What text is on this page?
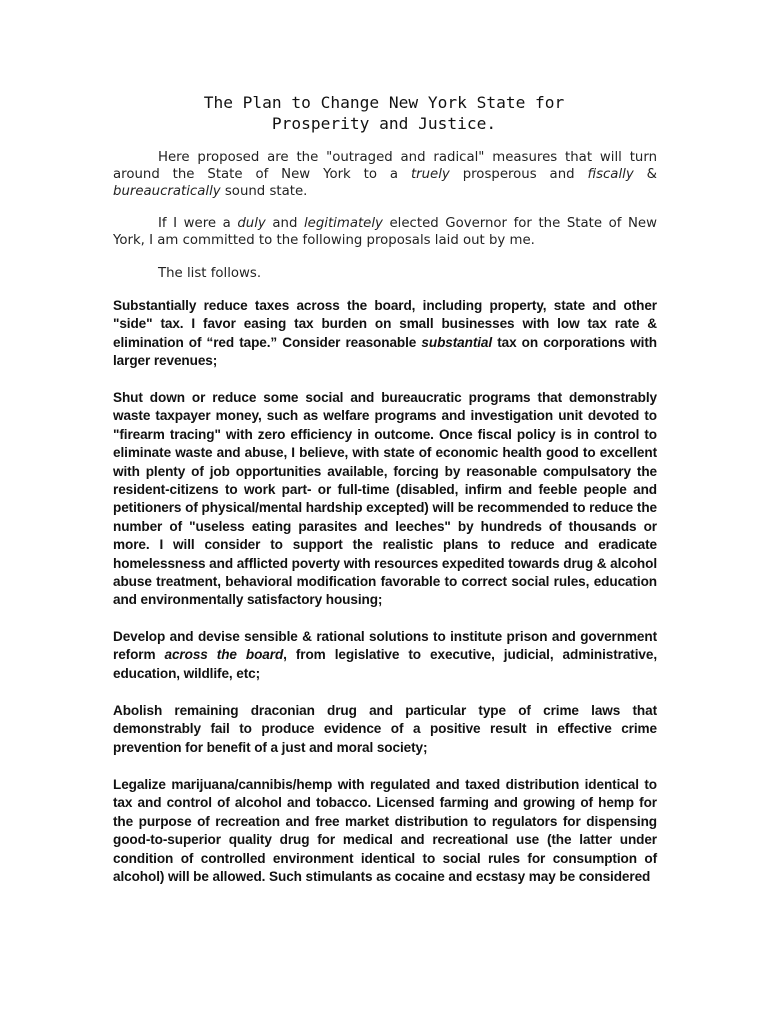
The Plan to Change New York State for
Prosperity and Justice.

Here proposed are the "outraged and radical" measures that will turn around the State of New York to a truely prosperous and fiscally & bureaucratically sound state.

If I were a duly and legitimately elected Governor for the State of New York, I am committed to the following proposals laid out by me.

The list follows.

Substantially reduce taxes across the board, including property, state and other "side" tax. I favor easing tax burden on small businesses with low tax rate & elimination of “red tape.” Consider reasonable substantial tax on corporations with larger revenues;

Shut down or reduce some social and bureaucratic programs that demonstrably waste taxpayer money, such as welfare programs and investigation unit devoted to "firearm tracing" with zero efficiency in outcome. Once fiscal policy is in control to eliminate waste and abuse, I believe, with state of economic health good to excellent with plenty of job opportunities available, forcing by reasonable compulsatory the resident-citizens to work part- or full-time (disabled, infirm and feeble people and petitioners of physical/mental hardship excepted) will be recommended to reduce the number of "useless eating parasites and leeches" by hundreds of thousands or more. I will consider to support the realistic plans to reduce and eradicate homelessness and afflicted poverty with resources expedited towards drug & alcohol abuse treatment, behavioral modification favorable to correct social rules, education and environmentally satisfactory housing;

Develop and devise sensible & rational solutions to institute prison and government reform across the board, from legislative to executive, judicial, administrative, education, wildlife, etc;

Abolish remaining draconian drug and particular type of crime laws that demonstrably fail to produce evidence of a positive result in effective crime prevention for benefit of a just and moral society;

Legalize marijuana/cannibis/hemp with regulated and taxed distribution identical to tax and control of alcohol and tobacco. Licensed farming and growing of hemp for the purpose of recreation and free market distribution to regulators for dispensing good-to-superior quality drug for medical and recreational use (the latter under condition of controlled environment identical to social rules for consumption of alcohol) will be allowed. Such stimulants as cocaine and ecstasy may be considered
